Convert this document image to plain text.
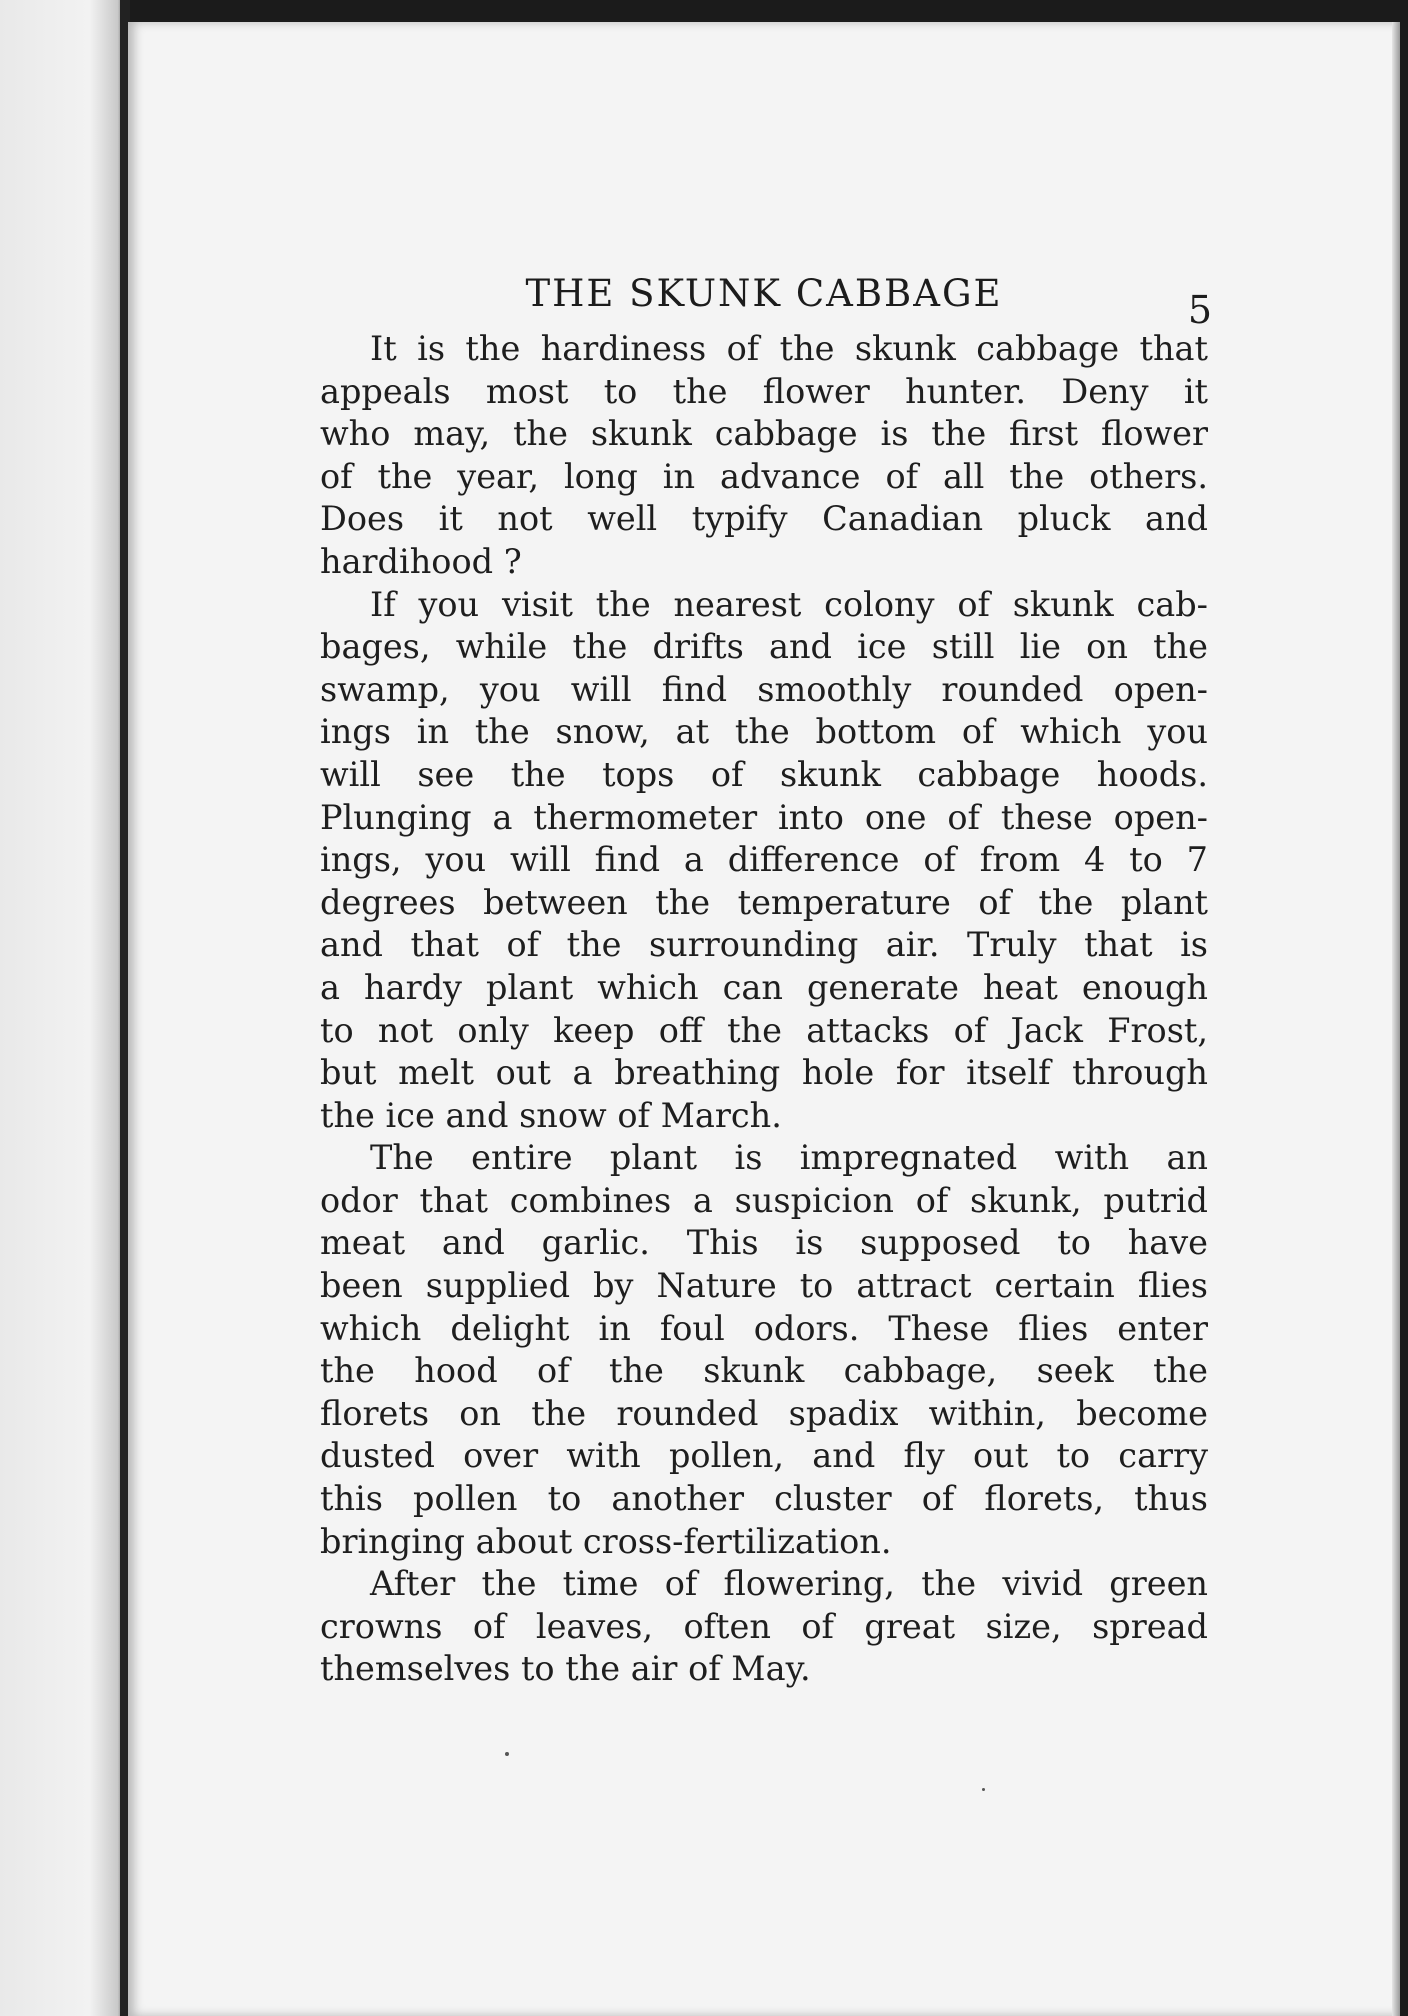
THE SKUNK CABBAGE	5
It is the hardiness of the skunk cabbage that
appeals most to the flower hunter. Deny it
who may, the skunk cabbage is the first flower
of the year, long in advance of all the others.
Does it not well typify Canadian pluck and
hardihood ?
If you visit the nearest colony of skunk cab-
bages, while the drifts and ice still lie on the
swamp, you will find smoothly rounded open-
ings in the snow, at the bottom of which you
will see the tops of skunk cabbage hoods.
Plunging a thermometer into one of these open-
ings, you will find a difference of from 4 to 7
degrees between the temperature of the plant
and that of the surrounding air. Truly that is
a hardy plant which can generate heat enough
to not only keep off the attacks of Jack Frost,
but melt out a breathing hole for itself through
the ice and snow of March.
The entire plant is impregnated with an
odor that combines a suspicion of skunk, putrid
meat and garlic. This is supposed to have
been supplied by Nature to attract certain flies
which delight in foul odors. These flies enter
the hood of the skunk cabbage, seek the
florets on the rounded spadix within, become
dusted over with pollen, and fly out to carry
this pollen to another cluster of florets, thus
bringing about cross-fertilization.
After the time of flowering, the vivid green
crowns of leaves, often of great size, spread
themselves to the air of May.
